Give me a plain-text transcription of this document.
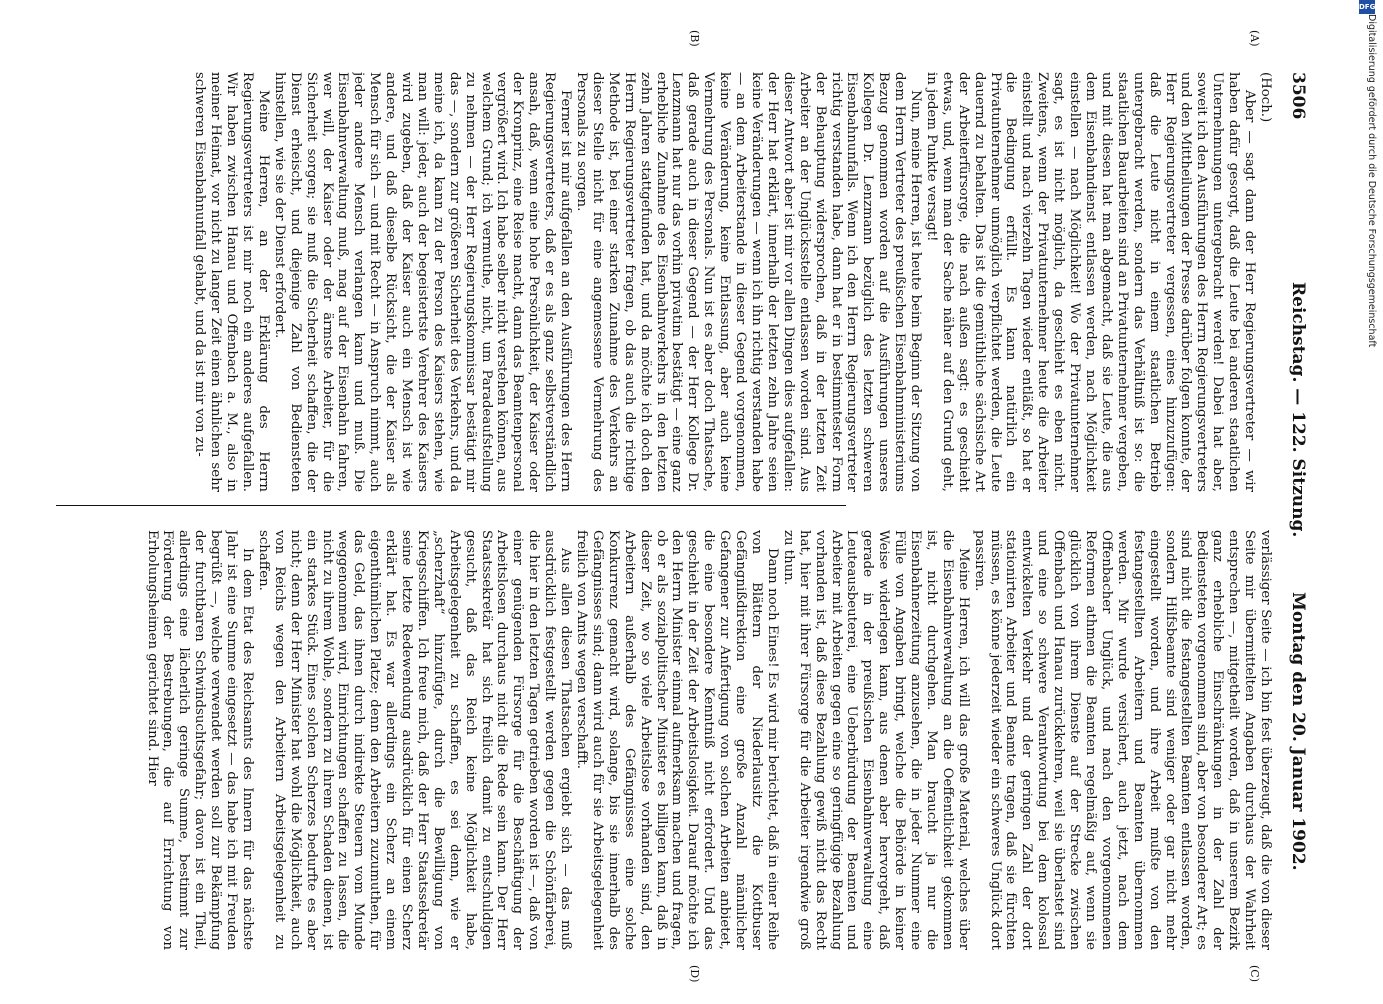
3506
Reichstag. — 122. Sitzung.
Montag den 20. Januar 1902.
(A)
(B)
(C)
(D)

(Hoch.)

Aber — sagt dann der Herr Regierungsvertreter — wir haben dafür gesorgt, daß die Leute bei anderen staatlichen Unternehmungen untergebracht werden! Dabei hat aber, soweit ich den Ausführungen des Herrn Regierungsvertreters und den Mittheilungen der Presse darüber folgen konnte, der Herr Regierungsvertreter vergessen, eines hinzuzufügen: daß die Leute nicht in einem staatlichen Betrieb untergebracht werden, sondern das Verhältniß ist so: die staatlichen Bauarbeiten sind an Privatunternehmer vergeben, und mit diesen hat man abgemacht, daß sie Leute, die aus dem Eisenbahndienst entlassen werden, nach Möglichkeit einstellen — nach Möglichkeit! Wo der Privatunternehmer sagt, es ist nicht möglich, da geschieht es eben nicht. Zweitens, wenn der Privatunternehmer heute die Arbeiter einstellt und nach vierzehn Tagen wieder entläßt, so hat er die Bedingung erfüllt. Es kann natürlich ein Privatunternehmer unmöglich verpflichtet werden, die Leute dauernd zu behalten. Das ist die gemüthliche sächsische Art der Arbeiterfürsorge, die nach außen sagt: es geschieht etwas, und, wenn man der Sache näher auf den Grund geht, in jedem Punkte versagt!

Nun, meine Herren, ist heute beim Beginn der Sitzung von dem Herrn Vertreter des preußischen Eisenbahnministeriums Bezug genommen worden auf die Ausführungen unseres Kollegen Dr. Lenzmann bezüglich des letzten schweren Eisenbahnunfalls. Wenn ich den Herrn Regierungsvertreter richtig verstanden habe, dann hat er in bestimmtester Form der Behauptung widersprochen, daß in der letzten Zeit Arbeiter an der Unglücksstelle entlassen worden sind. Aus dieser Antwort aber ist mir vor allen Dingen dies aufgefallen: der Herr hat erklärt, innerhalb der letzten zehn Jahre seien keine Veränderungen — wenn ich ihn richtig verstanden habe — an dem Arbeiterstande in dieser Gegend vorgenommen, keine Veränderung, keine Entlassung, aber auch keine Vermehrung des Personals. Nun ist es aber doch Thatsache, daß gerade auch in dieser Gegend — der Herr Kollege Dr. Lenzmann hat nur das vorhin privatim bestätigt — eine ganz erhebliche Zunahme des Eisenbahnverkehrs in den letzten zehn Jahren stattgefunden hat, und da möchte ich doch den Herrn Regierungsvertreter fragen, ob das auch die richtige Methode ist, bei einer starken Zunahme des Verkehrs an dieser Stelle nicht für eine angemessene Vermehrung des Personals zu sorgen.

Ferner ist mir aufgefallen an den Ausführungen des Herrn Regierungsvertreters, daß er es als ganz selbstverständlich ansah, daß, wenn eine hohe Persönlichkeit, der Kaiser oder der Kronprinz, eine Reise macht, dann das Beamtenpersonal vergrößert wird. Ich habe selber nicht verstehen können, aus welchem Grund; ich vermuthe, nicht, um Paradeaufstellung zu nehmen — der Herr Regierungskommissar bestätigt mir das —, sondern zur größeren Sicherheit des Verkehrs, und da meine ich, da kann zu der Person des Kaisers stehen, wie man will: jeder, auch der begeistertste Verehrer des Kaisers wird zugeben, daß der Kaiser auch ein Mensch ist wie andere, und daß dieselbe Rücksicht, die der Kaiser als Mensch für sich — und mit Recht — in Anspruch nimmt, auch jeder andere Mensch verlangen kann und muß. Die Eisenbahnverwaltung muß, mag auf der Eisenbahn fahren, wer will, der Kaiser oder der ärmste Arbeiter, für die Sicherheit sorgen; sie muß die Sicherheit schaffen, die der Dienst erheischt, und diejenige Zahl von Bediensteten hinstellen, wie sie der Dienst erfordert.

Meine Herren, an der Erklärung des Herrn Regierungsvertreters ist mir noch ein anderes aufgefallen. Wir haben zwischen Hanau und Offenbach a. M., also in meiner Heimat, vor nicht zu langer Zeit einen ähnlichen sehr schweren Eisenbahnunfall gehabt, und da ist mir von zu-

verlässiger Seite — ich bin fest überzeugt, daß die von dieser Seite mir übermittelten Angaben durchaus der Wahrheit entsprechen —, mitgetheilt worden, daß in unserem Bezirk ganz erhebliche Einschränkungen in der Zahl der Bediensteten vorgenommen sind, aber von besonderer Art; es sind nicht die festangestellten Beamten entlassen worden, sondern Hilfsbeamte sind weniger oder gar nicht mehr eingestellt worden, und ihre Arbeit mußte von den festangestellten Arbeitern und Beamten übernommen werden. Mir wurde versichert, auch jetzt, nach dem Offenbacher Unglück, und nach den vorgenommenen Reformen athmen die Beamten regelmäßig auf, wenn sie glücklich von ihrem Dienste auf der Strecke zwischen Offenbach und Hanau zurückkehren, weil sie überlastet sind und eine so schwere Verantwortung bei dem kolossal entwickelten Verkehr und der geringen Zahl der dort stationirten Arbeiter und Beamte tragen, daß sie fürchten müssen, es könne jederzeit wieder ein schweres Unglück dort passiren.

Meine Herren, ich will das große Material, welches über die Eisenbahnverwaltung an die Oeffentlichkeit gekommen ist, nicht durchgehen. Man braucht ja nur die Eisenbahnerzeitung anzusehen, die in jeder Nummer eine Fülle von Angaben bringt, welche die Behörde in keiner Weise widerlegen kann, aus denen aber hervorgeht, daß gerade in der preußischen Eisenbahnverwaltung eine Leuteausbeuterei, eine Ueberbürdung der Beamten und Arbeiter mit Arbeiten gegen eine so geringfügige Bezahlung vorhanden ist, daß diese Bezahlung gewiß nicht das Recht hat, hier mit ihrer Fürsorge für die Arbeiter irgendwie groß zu thun.

Dann noch Eines! Es wird mir berichtet, daß in einer Reihe von Blättern der Niederlausitz die Kottbuser Gefängnißdirektion eine große Anzahl männlicher Gefangener zur Anfertigung von solchen Arbeiten anbietet, die eine besondere Kenntniß nicht erfordert. Und das geschieht in der Zeit der Arbeitslosigkeit. Darauf möchte ich den Herrn Minister einmal aufmerksam machen und fragen, ob er als sozialpolitischer Minister es billigen kann, daß in dieser Zeit, wo so viele Arbeitslose vorhanden sind, den Arbeitern außerhalb des Gefängnisses eine solche Konkurrenz gemacht wird, solange, bis sie innerhalb des Gefängnisses sind; dann wird auch für sie Arbeitsgelegenheit freilich von Amts wegen verschafft.

Aus allen diesen Thatsachen ergiebt sich — das muß ausdrücklich festgestellt werden gegen die Schönfärberei, die hier in den letzten Tagen getrieben worden ist —, daß von einer genügenden Fürsorge für die Beschäftigung der Arbeitslosen durchaus nicht die Rede sein kann. Der Herr Staatssekretär hat sich freilich damit zu entschuldigen gesucht, daß das Reich keine Möglichkeit habe, Arbeitsgelegenheit zu schaffen, es sei denn, wie er „scherzhaft“ hinzufügte, durch die Bewilligung von Kriegsschiffen. Ich freue mich, daß der Herr Staatssekretär seine letzte Redewendung ausdrücklich für einen Scherz erklärt hat. Es war allerdings ein Scherz an einem eigenthümlichen Platze; denn den Arbeitern zuzumuthen, für das Geld, das ihnen durch indirekte Steuern vom Munde weggenommen wird, Einrichtungen schaffen zu lassen, die nicht zu ihrem Wohle, sondern zu ihrem Schaden dienen, ist ein starkes Stück. Eines solchen Scherzes bedurfte es aber nicht; denn der Herr Minister hat wohl die Möglichkeit, auch von Reichs wegen den Arbeitern Arbeitsgelegenheit zu schaffen.

In dem Etat des Reichsamts des Innern für das nächste Jahr ist eine Summe eingesetzt — das habe ich mit Freuden begrüßt —, welche verwendet werden soll zur Bekämpfung der furchtbaren Schwindsuchtsgefahr; davon ist ein Theil, allerdings eine lächerlich geringe Summe, bestimmt zur Förderung der Bestrebungen, die auf Errichtung von Erholungsheimen gerichtet sind. Hier

DFG
Digitalisierung gefördert durch die Deutsche Forschungsgemeinschaft
